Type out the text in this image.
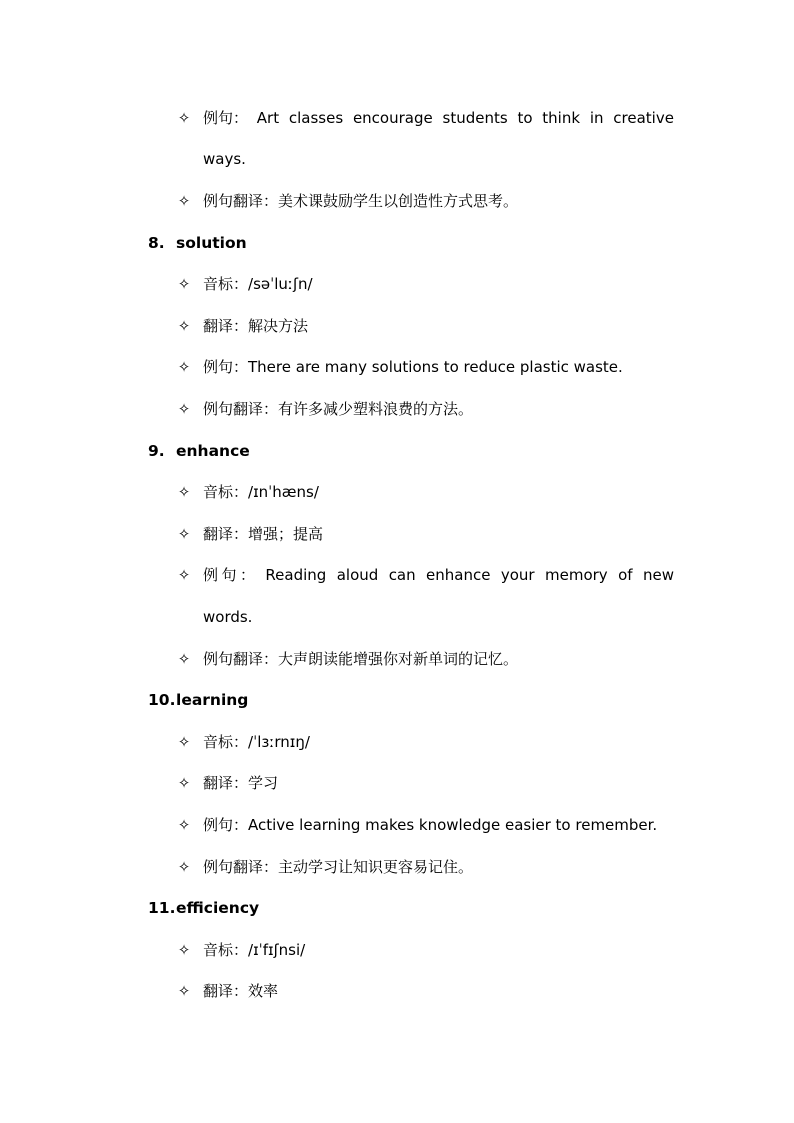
✧ 例 句 ： Art classes encourage students to think in creative
ways.
✧ 例句翻译：美术课鼓励学生以创造性方式思考。
8. solution
✧ 音标：/səˈluːʃn/
✧ 翻译：解决方法
✧ 例句：There are many solutions to reduce plastic waste.
✧ 例句翻译：有许多减少塑料浪费的方法。
9. enhance
✧ 音标：/ɪnˈhæns/
✧ 翻译：增强；提高
✧ 例 句 ： Reading aloud can enhance your memory of new
words.
✧ 例句翻译：大声朗读能增强你对新单词的记忆。
10.learning
✧ 音标：/ˈlɜːrnɪŋ/
✧ 翻译：学习
✧ 例句：Active learning makes knowledge easier to remember.
✧ 例句翻译：主动学习让知识更容易记住。
11.efficiency
✧ 音标：/ɪˈfɪʃnsi/
✧ 翻译：效率
